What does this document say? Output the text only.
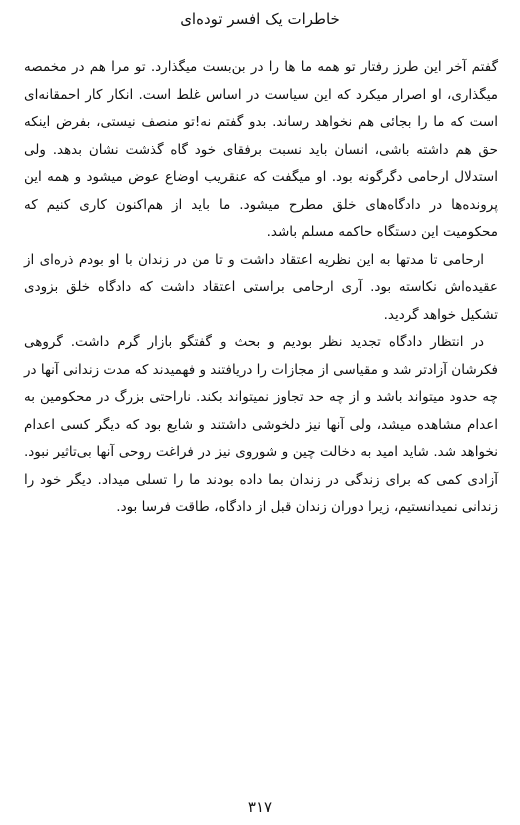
خاطرات یک افسر توده‌ای

گفتم آخر این طرز رفتار تو همه ما ها را در بن‌بست میگذارد. تو مرا هم در مخمصه میگذاری، او اصرار میکرد که این سیاست در اساس غلط است. انکار کار احمقانه‌ای است که ما را بجائی هم نخواهد رساند. بدو گفتم نه!تو منصف نیستی، بفرض اینکه حق هم داشته باشی، انسان باید نسبت برفقای خود گاه گذشت نشان بدهد. ولی استدلال ارحامی دگرگونه بود. او میگفت که عنقریب اوضاع عوض میشود و همه این پرونده‌ها در دادگاه‌های خلق مطرح میشود. ما باید از هم‌اکنون کاری کنیم که محکومیت این دستگاه حاکمه مسلم باشد.

ارحامی تا مدتها به این نظریه اعتقاد داشت و تا من در زندان با او بودم ذره‌ای از عقیده‌اش نکاسته بود. آری ارحامی براستی اعتقاد داشت که دادگاه خلق بزودی تشکیل خواهد گردید.

در انتظار دادگاه تجدید نظر بودیم و بحث و گفتگو بازار گرم داشت. گروهی فکرشان آزادتر شد و مقیاسی از مجازات را دریافتند و فهمیدند که مدت زندانی آنها در چه حدود میتواند باشد و از چه حد تجاوز نمیتواند بکند. ناراحتی بزرگ در محکومین به اعدام مشاهده میشد، ولی آنها نیز دلخوشی داشتند و شایع بود که دیگر کسی اعدام نخواهد شد. شاید امید به دخالت چین و شوروی نیز در فراغت روحی آنها بی‌تاثیر نبود. آزادی کمی که برای زندگی در زندان بما داده بودند ما را تسلی میداد. دیگر خود را زندانی نمیدانستیم، زیرا دوران زندان قبل از دادگاه، طاقت فرسا بود.

۳۱۷
